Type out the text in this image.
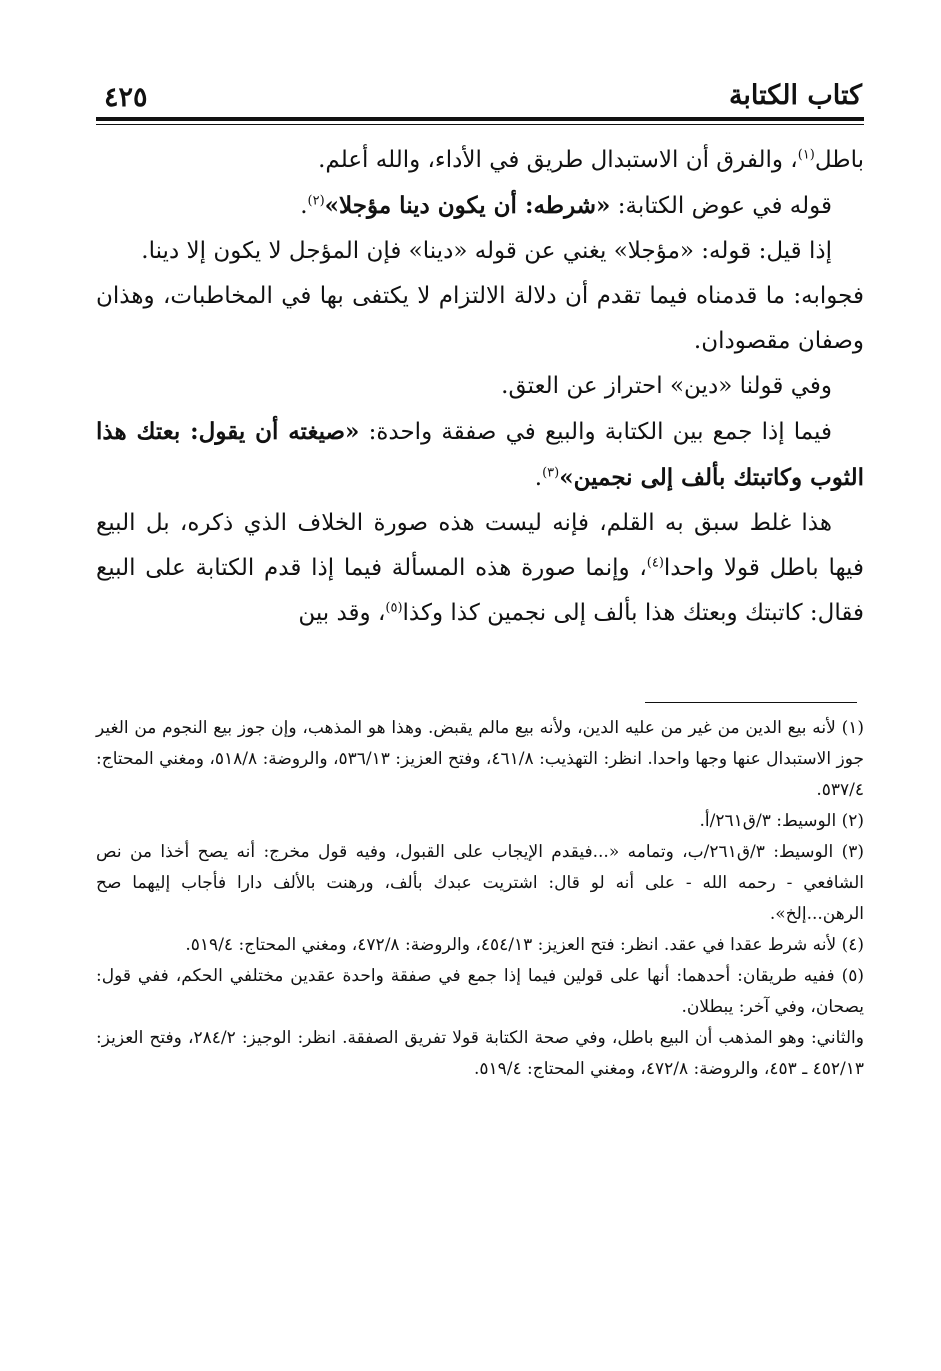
كتاب الكتابة
٤٢٥

باطل$^{(١)}$، والفرق أن الاستبدال طريق في الأداء، والله أعلم.

قوله في عوض الكتابة: «شرطه: أن يكون دينا مؤجلا»$^{(٢)}$.

إذا قيل: قوله: «مؤجلا» يغني عن قوله «دينا» فإن المؤجل لا يكون إلا دينا.

فجوابه: ما قدمناه فيما تقدم أن دلالة الالتزام لا يكتفى بها في المخاطبات، وهذان وصفان مقصودان.

وفي قولنا «دين» احتراز عن العتق.

فيما إذا جمع بين الكتابة والبيع في صفقة واحدة: «صيغته أن يقول: بعتك هذا الثوب وكاتبتك بألف إلى نجمين»$^{(٣)}$.

هذا غلط سبق به القلم، فإنه ليست هذه صورة الخلاف الذي ذكره، بل البيع فيها باطل قولا واحدا$^{(٤)}$، وإنما صورة هذه المسألة فيما إذا قدم الكتابة على البيع فقال: كاتبتك وبعتك هذا بألف إلى نجمين كذا وكذا$^{(٥)}$، وقد بين

(١) لأنه بيع الدين من غير من عليه الدين، ولأنه بيع مالم يقبض. وهذا هو المذهب، وإن جوز بيع النجوم من الغير جوز الاستبدال عنها وجها واحدا. انظر: التهذيب: ٤٦١/٨، وفتح العزيز: ٥٣٦/١٣، والروضة: ٥١٨/٨، ومغني المحتاج: ٥٣٧/٤.

(٢) الوسيط: ٣/ق٢٦١/أ.

(٣) الوسيط: ٣/ق٢٦١/ب، وتمامه «...فيقدم الإيجاب على القبول، وفيه قول مخرج: أنه يصح أخذا من نص الشافعي - رحمه الله - على أنه لو قال: اشتريت عبدك بألف، ورهنت بالألف دارا فأجاب إليهما صح الرهن...إلخ».

(٤) لأنه شرط عقدا في عقد. انظر: فتح العزيز: ٤٥٤/١٣، والروضة: ٤٧٢/٨، ومغني المحتاج: ٥١٩/٤.

(٥) ففيه طريقان: أحدهما: أنها على قولين فيما إذا جمع في صفقة واحدة عقدين مختلفي الحكم، ففي قول: يصحان، وفي آخر: يبطلان.

والثاني: وهو المذهب أن البيع باطل، وفي صحة الكتابة قولا تفريق الصفقة. انظر: الوجيز: ٢٨٤/٢، وفتح العزيز: ٤٥٢/١٣ ـ ٤٥٣، والروضة: ٤٧٢/٨، ومغني المحتاج: ٥١٩/٤.
